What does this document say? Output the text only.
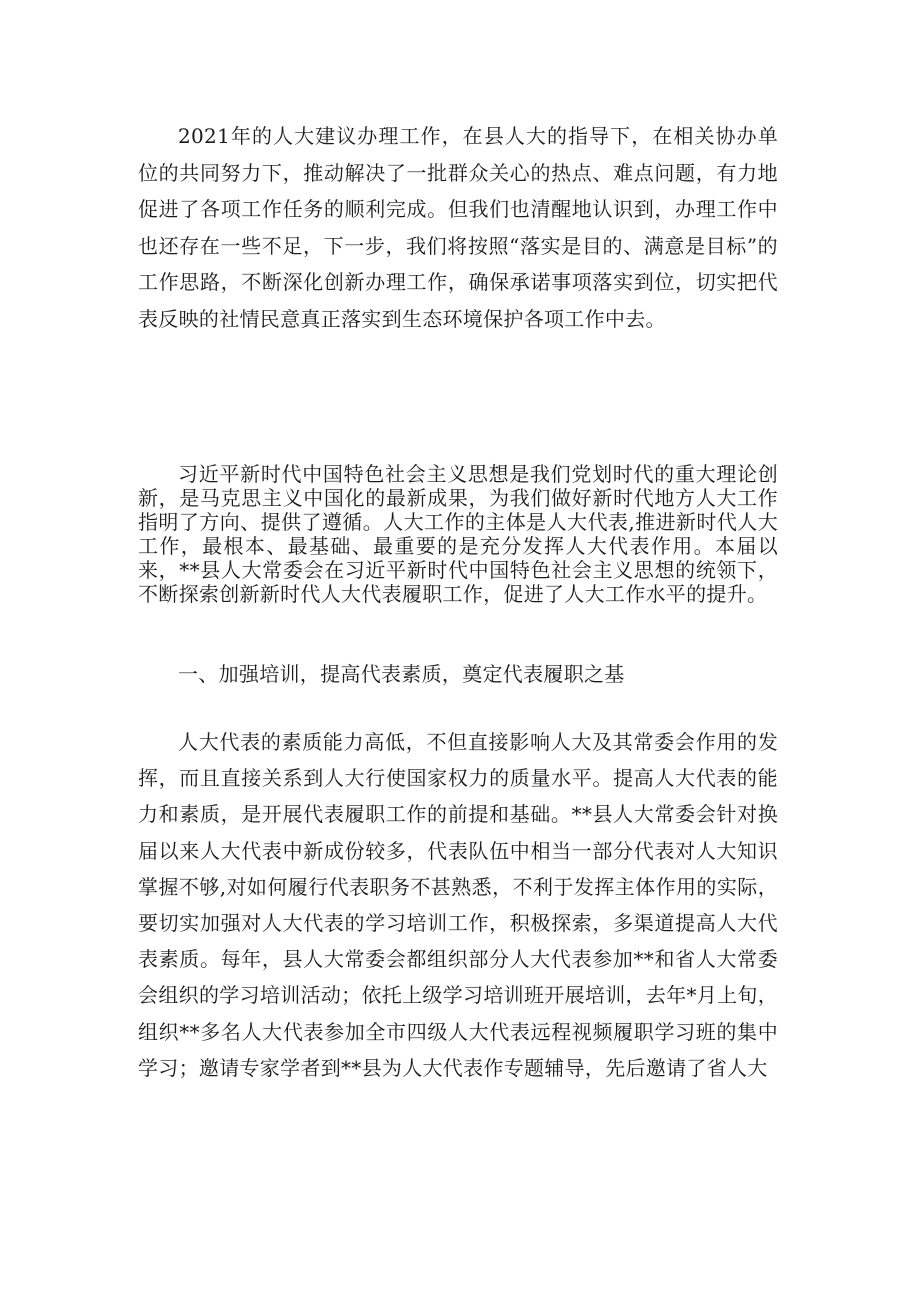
2021年的人大建议办理工作，在县人大的指导下，在相关协办单位的共同努力下，推动解决了一批群众关心的热点、难点问题，有力地促进了各项工作任务的顺利完成。但我们也清醒地认识到，办理工作中也还存在一些不足，下一步，我们将按照“落实是目的、满意是目标”的工作思路，不断深化创新办理工作，确保承诺事项落实到位，切实把代表反映的社情民意真正落实到生态环境保护各项工作中去。

习近平新时代中国特色社会主义思想是我们党划时代的重大理论创新，是马克思主义中国化的最新成果，为我们做好新时代地方人大工作指明了方向、提供了遵循。人大工作的主体是人大代表,推进新时代人大工作，最根本、最基础、最重要的是充分发挥人大代表作用。本届以来，**县人大常委会在习近平新时代中国特色社会主义思想的统领下，不断探索创新新时代人大代表履职工作，促进了人大工作水平的提升。

一、加强培训，提高代表素质，奠定代表履职之基

人大代表的素质能力高低，不但直接影响人大及其常委会作用的发挥，而且直接关系到人大行使国家权力的质量水平。提高人大代表的能力和素质，是开展代表履职工作的前提和基础。**县人大常委会针对换届以来人大代表中新成份较多，代表队伍中相当一部分代表对人大知识掌握不够,对如何履行代表职务不甚熟悉，不利于发挥主体作用的实际，要切实加强对人大代表的学习培训工作，积极探索，多渠道提高人大代表素质。每年，县人大常委会都组织部分人大代表参加**和省人大常委会组织的学习培训活动；依托上级学习培训班开展培训，去年*月上旬，组织**多名人大代表参加全市四级人大代表远程视频履职学习班的集中学习；邀请专家学者到**县为人大代表作专题辅导，先后邀请了省人大
